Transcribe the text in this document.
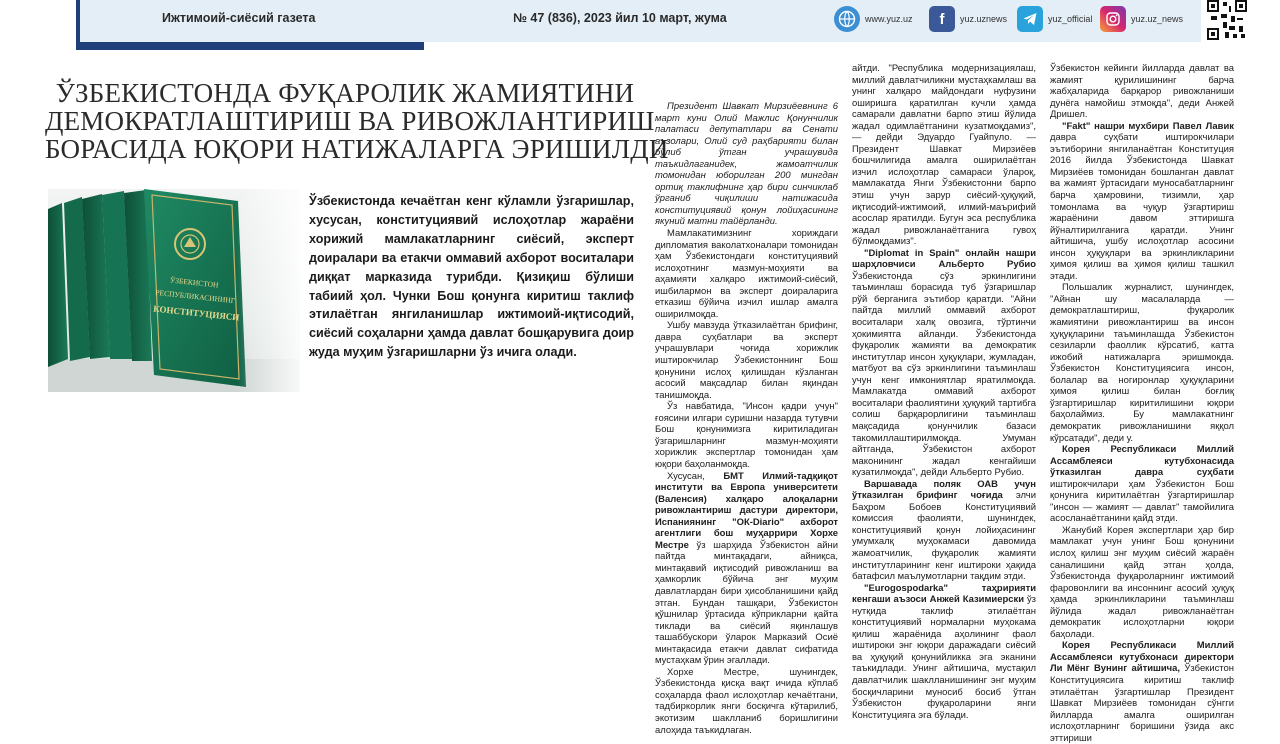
Ижтимоий-сиёсий газета	№ 47 (836), 2023 йил 10 март, жума	www.yuz.uz	f	yuz.uznews	yuz_official	yuz.uz_news
ЎЗБЕКИСТОНДА ФУҚАРОЛИК ЖАМИЯТИНИ
ДЕМОКРАТЛАШТИРИШ ВА РИВОЖЛАНТИРИШ
БОРАСИДА ЮҚОРИ НАТИЖАЛАРГА ЭРИШИЛДИ
Ўзбекистонда кечаётган кенг кўламли ўзгаришлар, хусусан, конституциявий ислоҳотлар жараёни хорижий мамлакатларнинг сиёсий, эксперт доиралари ва етакчи оммавий ахборот воситалари диққат марказида турибди. Қизиқиш бўлиши табиий ҳол. Чунки Бош қонунга киритиш таклиф этилаётган янгиланишлар ижтимоий-иқтисодий, сиёсий соҳаларни ҳамда давлат бошқарувига доир жуда муҳим ўзгаришларни ўз ичига олади.

Президент Шавкат Мирзиёевнинг 6 март куни Олий Мажлис Қонунчилик палатаси депутатлари ва Сенати аъзолари, Олий суд раҳбарияти билан бўлиб ўтган учрашувида таъкидлаганидек, жамоатчилик томонидан юборилган 200 мингдан ортиқ таклифнинг ҳар бири синчиклаб ўрганиб чиқилиши натижасида конституциявий қонун лойиҳасининг якуний матни тайёрланди.

Мамлакатимизнинг хориждаги дипломатия ваколатхоналари томонидан ҳам Ўзбекистондаги конституциявий ислоҳотнинг мазмун-моҳияти ва аҳамияти халқаро ижтимоий-сиёсий, ишбилармон ва эксперт доираларига етказиш бўйича изчил ишлар амалга оширилмоқда.

Ушбу мавзуда ўтказилаётган брифинг, давра суҳбатлари ва эксперт учрашувлари чоғида хорижлик иштирокчилар Ўзбекистоннинг Бош қонунини ислоҳ қилишдан кўзланган асосий мақсадлар билан яқиндан танишмоқда.

Ўз навбатида, "Инсон қадри учун" ғоясини илгари суришни назарда тутувчи Бош қонунимизга киритиладиган ўзгаришларнинг мазмун-моҳияти хорижлик экспертлар томонидан ҳам юқори баҳоланмоқда.

Хусусан, БМТ Илмий-тадқиқот институти ва Европа университети (Валенсия) халқаро алоқаларни ривожлантириш дастури директори, Испаниянинг "ОК-Diario" ахборот агентлиги бош муҳаррири Хорхе Местре ўз шарҳида Ўзбекистон айни пайтда минтақадаги, айниқса, минтақавий иқтисодий ривожланиш ва ҳамкорлик бўйича энг муҳим давлатлардан бири ҳисобланишини қайд этган. Бундан ташқари, Ўзбекистон қўшнилар ўртасида кўприкларни қайта тиклади ва сиёсий яқинлашув ташаббускори ўларок Марказий Осиё минтақасида етакчи давлат сифатида мустаҳкам ўрин эгаллади.

Хорхе Местре, шунингдек, Ўзбекистонда қисқа вақт ичида кўплаб соҳаларда фаол ислоҳотлар кечаётгани, тадбиркорлик янги босқичга кўтарилиб, экотизим шаклланиб боришлигини алоҳида таъкидлаган.

айтди. "Республика модернизациялаш, миллий давлатчиликни мустаҳкамлаш ва унинг халқаро майдондаги нуфузини оширишга қаратилган кучли ҳамда самарали давлатни барпо этиш йўлида жадал одимлаётганини кузатмоқдамиз", — дейди Эдуардо Гуайпуло. — Президент Шавкат Мирзиёев бошчилигида амалга оширилаётган изчил ислоҳотлар самараси ўлароқ, мамлакатда Янги Ўзбекистонни барпо этиш учун зарур сиёсий-ҳуқуқий, иқтисодий-ижтимоий, илмий-маърифий асослар яратилди. Бугун эса республика жадал ривожланаётганига гувоҳ бўлмоқдамиз".

"Diplomat in Spain" онлайн нашри шарҳловчиси Альберто Рубио Ўзбекистонда сўз эркинлигини таъминлаш борасида туб ўзгаришлар рўй берганига эътибор қаратди. "Айни пайтда миллий оммавий ахборот воситалари халқ овозига, тўртинчи ҳокимиятга айланди. Ўзбекистонда фуқаролик жамияти ва демократик институтлар инсон ҳуқуқлари, жумладан, матбуот ва сўз эркинлигини таъминлаш учун кенг имкониятлар яратилмоқда. Мамлакатда оммавий ахборот воситалари фаолиятини ҳуқуқий тартибга солиш барқарорлигини таъминлаш мақсадида қонунчилик базаси такомиллаштирилмоқда. Умуман айтганда, Ўзбекистон ахборот маконининг жадал кенгайиши кузатилмоқда", дейди Альберто Рубио.

Варшавада поляк ОАВ учун ўтказилган брифинг чоғида элчи Баҳром Бобоев Конституциявий комиссия фаолияти, шунингдек, конституциявий қонун лойиҳасининг умумхалқ муҳокамаси давомида жамоатчилик, фуқаролик жамияти институтларининг кенг иштироки ҳақида батафсил маълумотларни тақдим этди.

"Eurogospodarka" таҳририяти кенгаши аъзоси Анжей Казимиерски ўз нутқида таклиф этилаётган конституциявий нормаларни муҳокама қилиш жараёнида аҳолининг фаол иштироки энг юқори даражадаги сиёсий ва ҳуқуқий қонунийликка эга эканини таъкидлади. Унинг айтишича, мустақил давлатчилик шаклланишининг энг муҳим босқичларини муносиб босиб ўтган Ўзбекистон фуқароларини янги Конституцияга эга бўлади.

Ўзбекистон кейинги йилларда давлат ва жамият қурилишининг барча жабҳаларида барқарор ривожланиши дунёга намойиш этмоқда", деди Анжей Дришел.

"Fakt" нашри мухбири Павел Лавик давра суҳбати иштирокчилари эътиборини янгиланаётган Конституция 2016 йилда Ўзбекистонда Шавкат Мирзиёев томонидан бошланган давлат ва жамият ўртасидаги муносабатларнинг барча ҳамровини, тизимли, ҳар томонлама ва чуқур ўзгартириш жараёнини давом эттиришга йўналтирилганига қаратди. Унинг айтишича, ушбу ислоҳотлар асосини инсон ҳуқуқлари ва эркинликларини ҳимоя қилиш ва ҳимоя қилиш ташкил этади.

Польшалик журналист, шунингдек, "Айнан шу масалаларда — демократлаштириш, фуқаролик жамиятини ривожлантириш ва инсон ҳуқуқларини таъминлашда Ўзбекистон сезиларли фаоллик кўрсатиб, катта ижобий натижаларга эришмоқда. Ўзбекистон Конституциясига инсон, болалар ва ногиронлар ҳуқуқларини ҳимоя қилиш билан боғлиқ ўзгартиришлар киритилишини юқори баҳолаймиз. Бу мамлакатнинг демократик ривожланишини яққол кўрсатади", деди у.

Корея Республикаси Миллий Ассамблеяси кутубхонасида ўтказилган давра суҳбати иштирокчилари ҳам Ўзбекистон Бош қонунига киритилаётган ўзгартиришлар "инсон — жамият — давлат" тамойилига асосланаётганини қайд этди.

Жанубий Корея экспертлари ҳар бир мамлакат учун унинг Бош қонунини ислоҳ қилиш энг муҳим сиёсий жараён саналишини қайд этган ҳолда, Ўзбекистонда фуқароларнинг ижтимоий фаровонлиги ва инсоннинг асосий ҳуқуқ ҳамда эркинликларини таъминлаш йўлида жадал ривожланаётган демократик ислоҳотларни юқори баҳолади.

Корея Республикаси Миллий Ассамблеяси кутубхонаси директори Ли Мёнг Вунинг айтишича, Ўзбекистон Конституциясига киритиш таклиф этилаётган ўзгартишлар Президент Шавкат Мирзиёев томонидан сўнгги йилларда амалга оширилган ислоҳотларнинг боришини ўзида акс эттириши
